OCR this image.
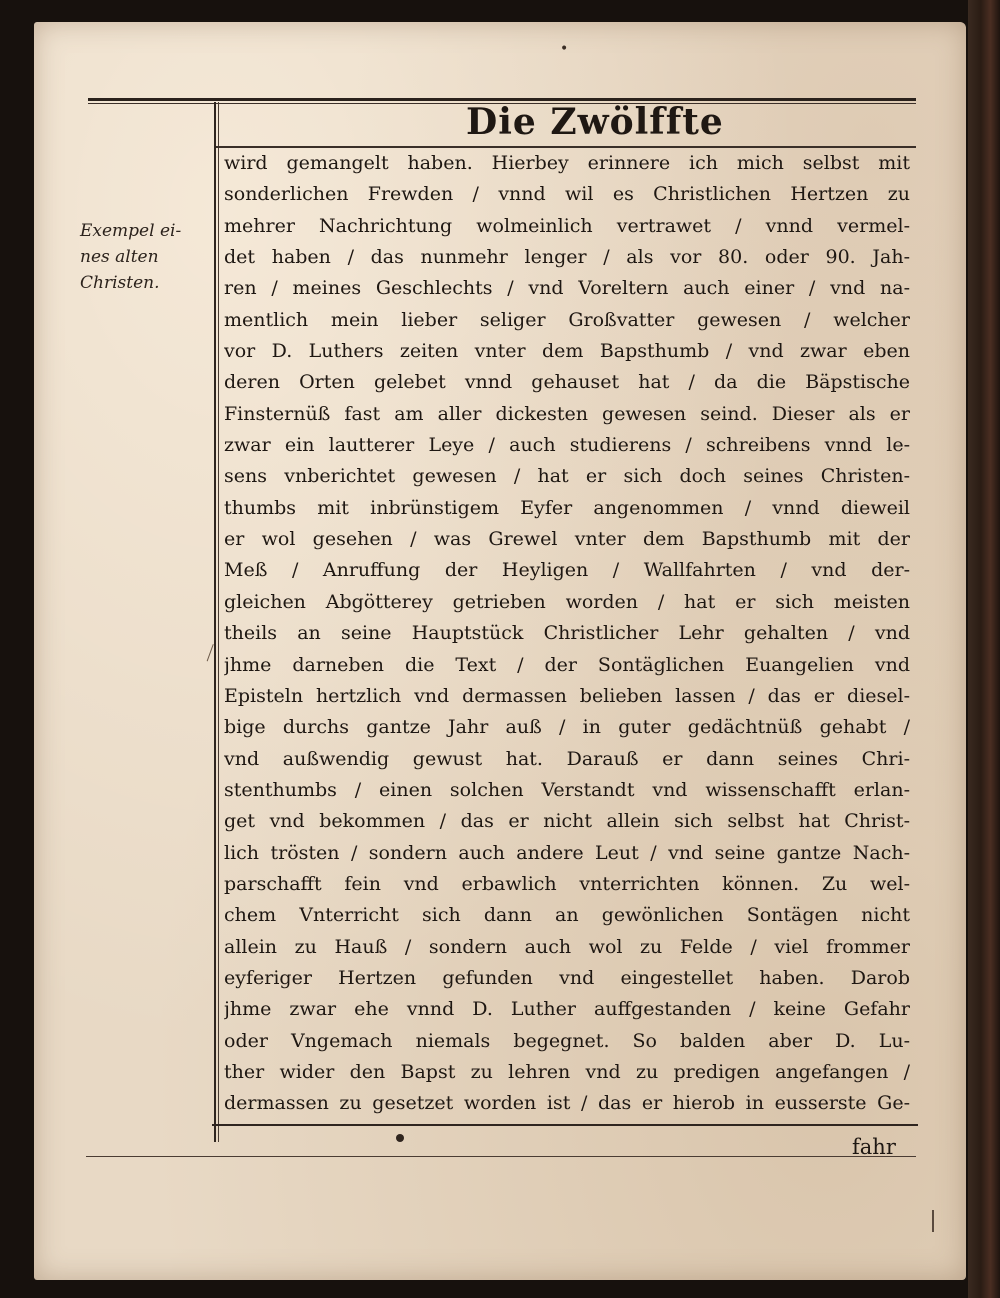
•
Die Zwölffte
Exempel ei-
nes alten
Christen.
wird gemangelt haben. Hierbey erinnere ich mich selbst mit
sonderlichen Frewden / vnnd wil es Christlichen Hertzen zu
mehrer Nachrichtung wolmeinlich vertrawet / vnnd vermel-
det haben / das nunmehr lenger / als vor 80. oder 90. Jah-
ren / meines Geschlechts / vnd Voreltern auch einer / vnd na-
mentlich mein lieber seliger Großvatter gewesen / welcher
vor D. Luthers zeiten vnter dem Bapsthumb / vnd zwar eben
deren Orten gelebet vnnd gehauset hat / da die Bäpstische
Finsternüß fast am aller dickesten gewesen seind. Dieser als er
zwar ein lautterer Leye / auch studierens / schreibens vnnd le-
sens vnberichtet gewesen / hat er sich doch seines Christen-
thumbs mit inbrünstigem Eyfer angenommen / vnnd dieweil
er wol gesehen / was Grewel vnter dem Bapsthumb mit der
Meß / Anruffung der Heyligen / Wallfahrten / vnd der-
gleichen Abgötterey getrieben worden / hat er sich meisten
theils an seine Hauptstück Christlicher Lehr gehalten / vnd
jhme darneben die Text / der Sontäglichen Euangelien vnd
Episteln hertzlich vnd dermassen belieben lassen / das er diesel-
bige durchs gantze Jahr auß / in guter gedächtnüß gehabt /
vnd außwendig gewust hat. Darauß er dann seines Chri-
stenthumbs / einen solchen Verstandt vnd wissenschafft erlan-
get vnd bekommen / das er nicht allein sich selbst hat Christ-
lich trösten / sondern auch andere Leut / vnd seine gantze Nach-
parschafft fein vnd erbawlich vnterrichten können. Zu wel-
chem Vnterricht sich dann an gewönlichen Sontägen nicht
allein zu Hauß / sondern auch wol zu Felde / viel frommer
eyferiger Hertzen gefunden vnd eingestellet haben. Darob
jhme zwar ehe vnnd D. Luther auffgestanden / keine Gefahr
oder Vngemach niemals begegnet. So balden aber D. Lu-
ther wider den Bapst zu lehren vnd zu predigen angefangen /
dermassen zu gesetzet worden ist / das er hierob in eusserste Ge-
fahr
